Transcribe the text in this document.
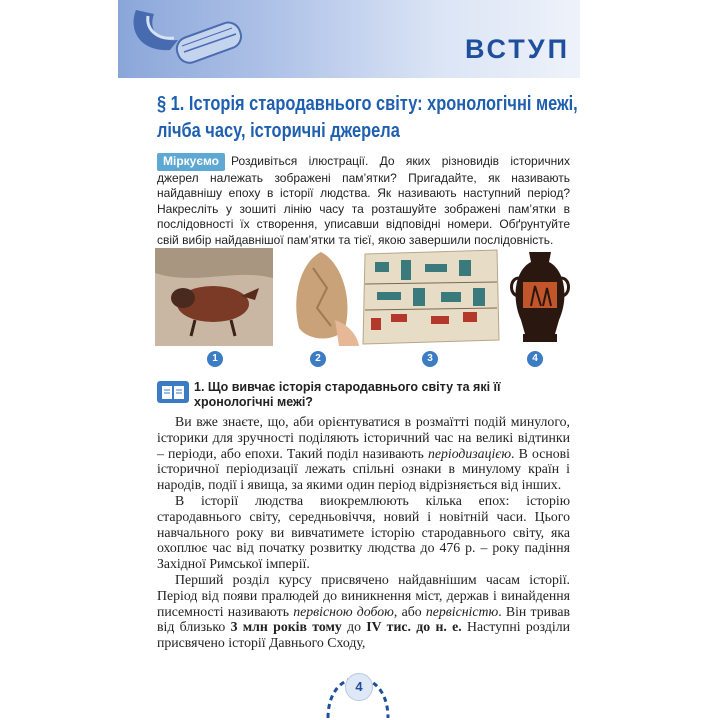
ВСТУП
§ 1. Історія стародавнього світу: хронологічні межі,
лічба часу, історичні джерела
Міркуємо Роздивіться ілюстрації. До яких різновидів історичних джерел належать зображені пам’ятки? Пригадайте, як називають найдавнішу епоху в історії людства. Як називають наступний період? Накресліть у зошиті лінію часу та розташуйте зображені пам’ятки в послідовності їх створення, уписавши відповідні номери. Обґрунтуйте свій вибір найдавнішої пам’ятки та тієї, якою завершили послідовність.
1	2	3	4
1. Що вивчає історія стародавнього світу та які її хронологічні межі?

Ви вже знаєте, що, аби орієнтуватися в розмаїтті подій минулого, історики для зручності поділяють історичний час на великі відтинки – періоди, або епохи. Такий поділ називають періодизацією. В основі історичної періодизації лежать спільні ознаки в минулому країн і народів, події і явища, за якими один період відрізняється від інших.

В історії людства виокремлюють кілька епох: історію стародавнього світу, середньовіччя, новий і новітній часи. Цього навчального року ви вивчатимете історію стародавнього світу, яка охоплює час від початку розвитку людства до 476 р. – року падіння Західної Римської імперії.

Перший розділ курсу присвячено найдавнішим часам історії. Період від появи пралюдей до виникнення міст, держав і винайдення писемності називають первісною добою, або первісністю. Він тривав від близько 3 млн років тому до IV тис. до н. е. Наступні розділи присвячено історії Давнього Сходу,

4
